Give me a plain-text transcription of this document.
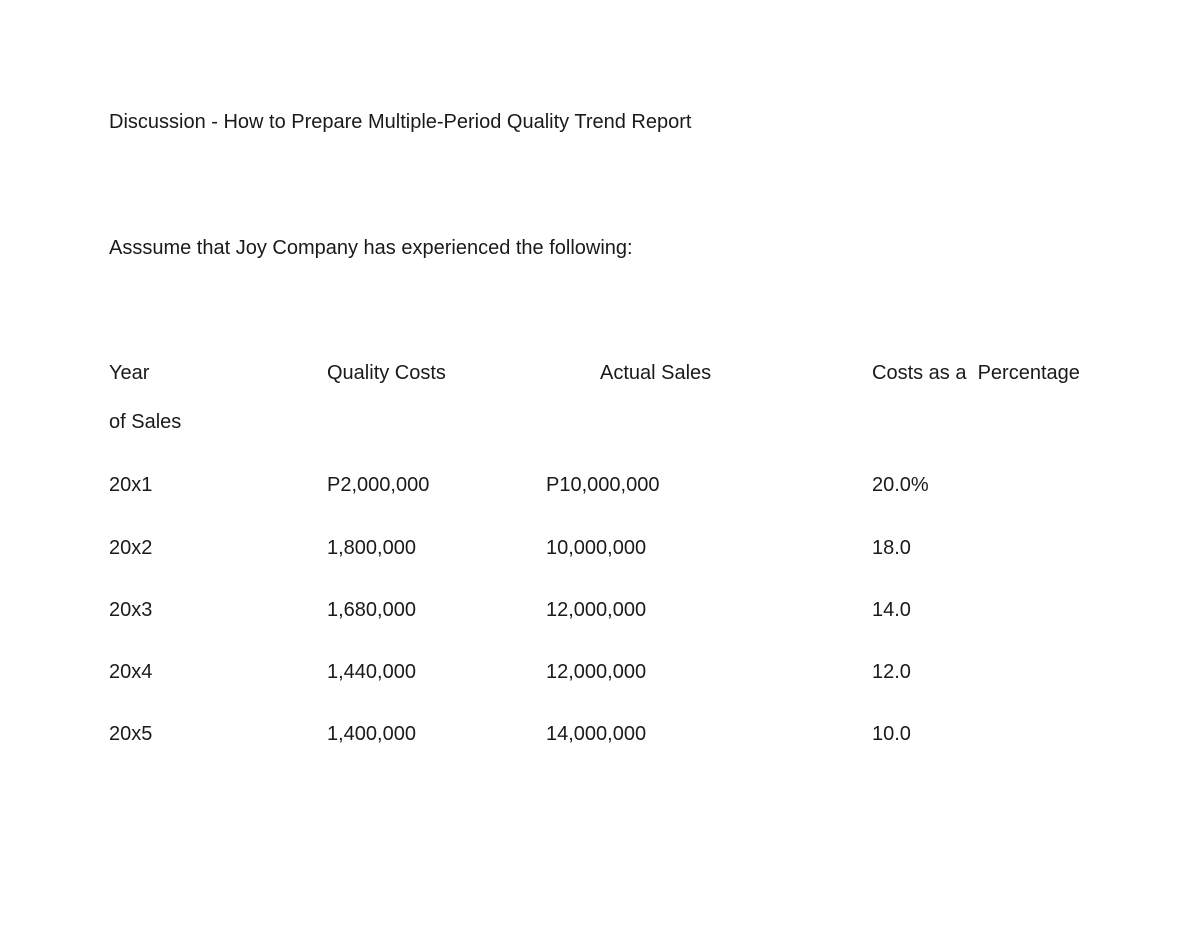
Discussion - How to Prepare Multiple-Period Quality Trend Report
Asssume that Joy Company has experienced the following:
Year	Quality Costs	Actual Sales	Costs as a  Percentage
of Sales
20x1	P2,000,000	P10,000,000	20.0%
20x2	1,800,000	10,000,000	18.0
20x3	1,680,000	12,000,000	14.0
20x4	1,440,000	12,000,000	12.0
20x5	1,400,000	14,000,000	10.0
